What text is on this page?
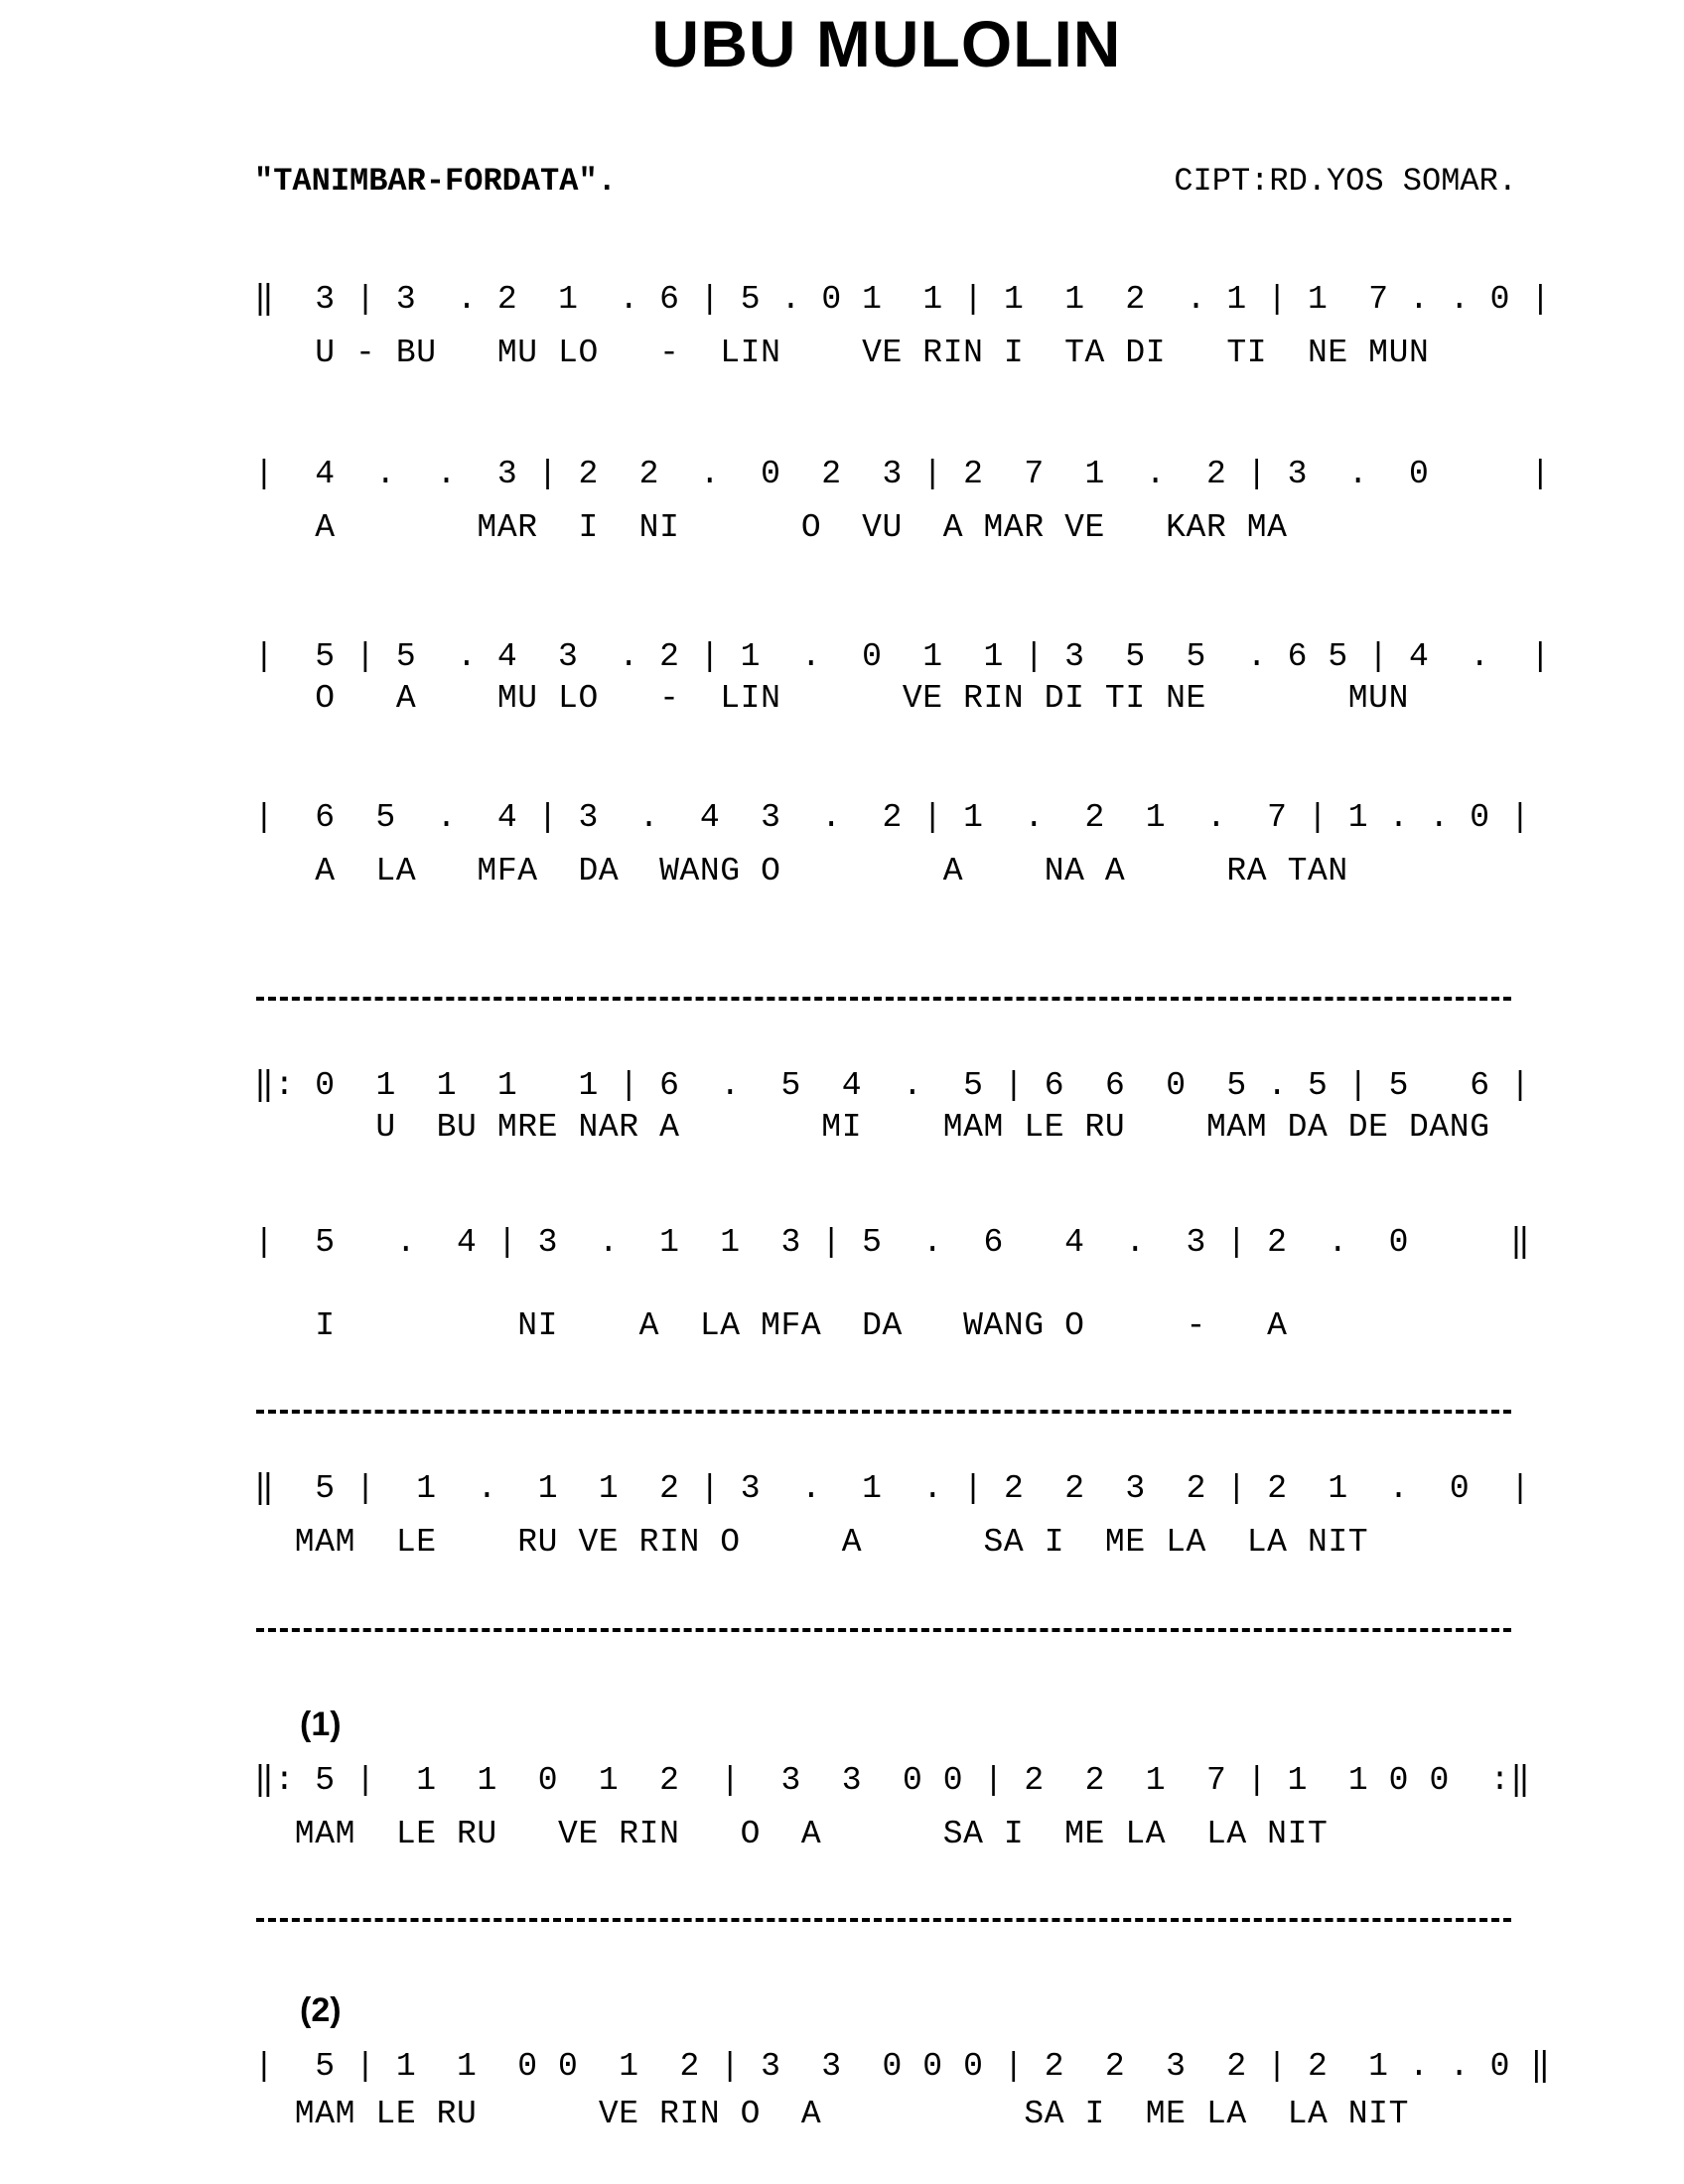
UBU MULOLIN
"TANIMBAR-FORDATA".	CIPT:RD.YOS SOMAR.
‖  3 | 3  . 2  1  . 6 | 5 . 0 1  1 | 1  1  2  . 1 | 1  7 . . 0 |
U - BU   MU LO   -  LIN    VE RIN I  TA DI   TI  NE MUN
|  4  .  .  3 | 2  2  .  0  2  3 | 2  7  1  .  2 | 3  .  0     |
A       MAR  I  NI      O  VU  A MAR VE   KAR MA
|  5 | 5  . 4  3  . 2 | 1  .  0  1  1 | 3  5  5  . 6 5 | 4  .  |
O   A    MU LO   -  LIN      VE RIN DI TI NE       MUN
|  6  5  .  4 | 3  .  4  3  .  2 | 1  .  2  1  .  7 | 1 . . 0 |
A  LA   MFA  DA  WANG O        A    NA A     RA TAN
‖: 0  1  1  1   1 | 6  .  5  4  .  5 | 6  6  0  5 . 5 | 5   6 |
U  BU MRE NAR A       MI    MAM LE RU    MAM DA DE DANG
|  5   .  4 | 3  .  1  1  3 | 5  .  6   4  .  3 | 2  .  0     ‖
I         NI    A  LA MFA  DA   WANG O     -   A
‖  5 |  1  .  1  1  2 | 3  .  1  . | 2  2  3  2 | 2  1  .  0  |
MAM  LE    RU VE RIN O     A      SA I  ME LA  LA NIT
(1)
‖: 5 |  1  1  0  1  2  |  3  3  0 0 | 2  2  1  7 | 1  1 0 0  :‖
MAM  LE RU   VE RIN   O  A      SA I  ME LA  LA NIT
(2)
|  5 | 1  1  0 0  1  2 | 3  3  0 0 0 | 2  2  3  2 | 2  1 . . 0 ‖
MAM LE RU      VE RIN O  A          SA I  ME LA  LA NIT
